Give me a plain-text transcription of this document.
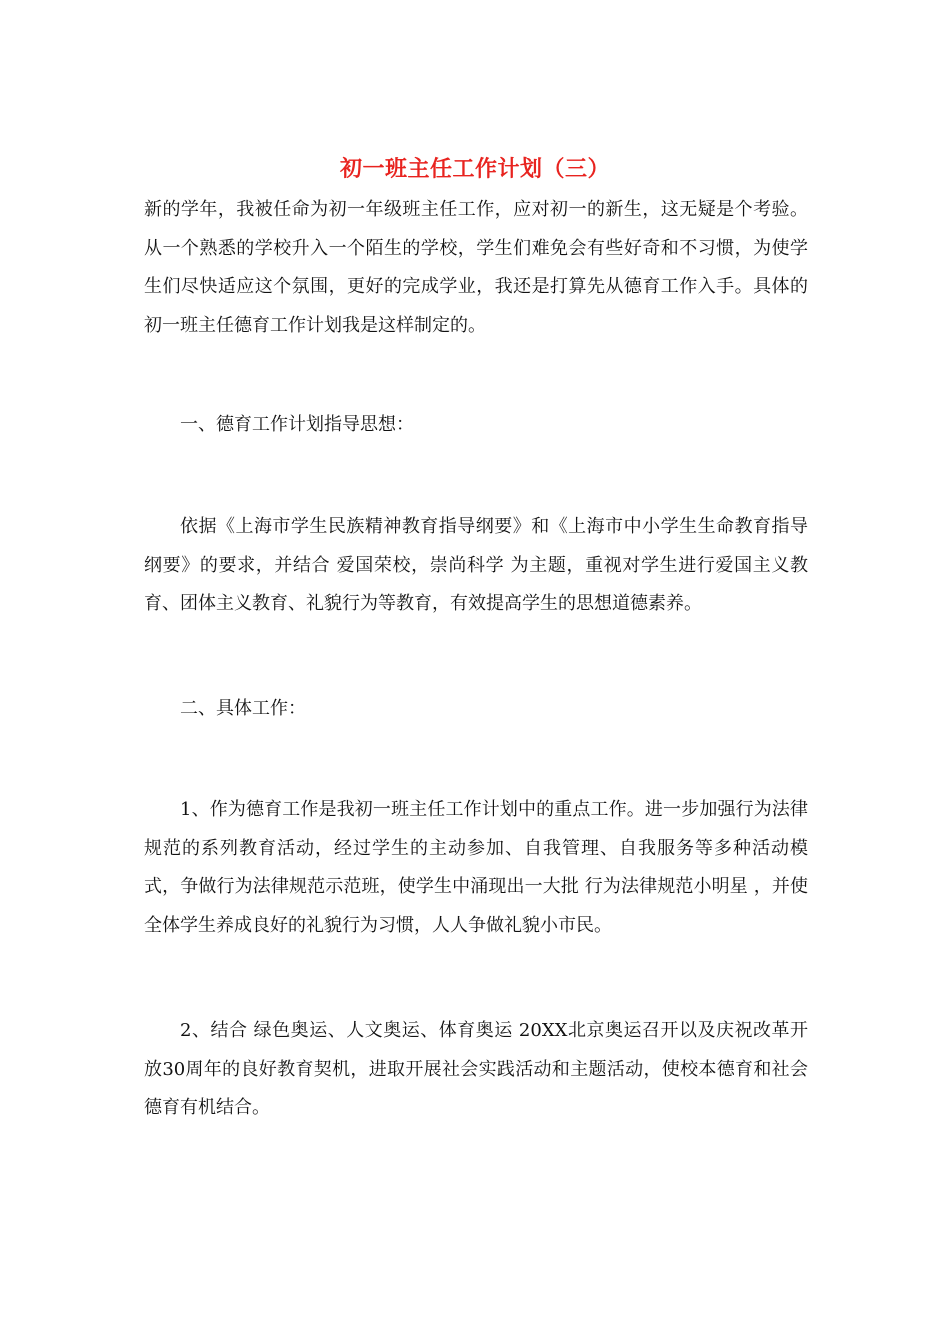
初一班主任工作计划（三）

新的学年，我被任命为初一年级班主任工作，应对初一的新生，这无疑是个考验。从一个熟悉的学校升入一个陌生的学校，学生们难免会有些好奇和不习惯，为使学生们尽快适应这个氛围，更好的完成学业，我还是打算先从德育工作入手。具体的初一班主任德育工作计划我是这样制定的。

一、德育工作计划指导思想：

依据《上海市学生民族精神教育指导纲要》和《上海市中小学生生命教育指导纲要》的要求，并结合 爱国荣校，崇尚科学 为主题，重视对学生进行爱国主义教育、团体主义教育、礼貌行为等教育，有效提高学生的思想道德素养。

二、具体工作：

1、作为德育工作是我初一班主任工作计划中的重点工作。进一步加强行为法律规范的系列教育活动，经过学生的主动参加、自我管理、自我服务等多种活动模式，争做行为法律规范示范班，使学生中涌现出一大批 行为法律规范小明星 ，并使全体学生养成良好的礼貌行为习惯，人人争做礼貌小市民。

2、结合 绿色奥运、人文奥运、体育奥运 20XX北京奥运召开以及庆祝改革开放30周年的良好教育契机，进取开展社会实践活动和主题活动，使校本德育和社会德育有机结合。
